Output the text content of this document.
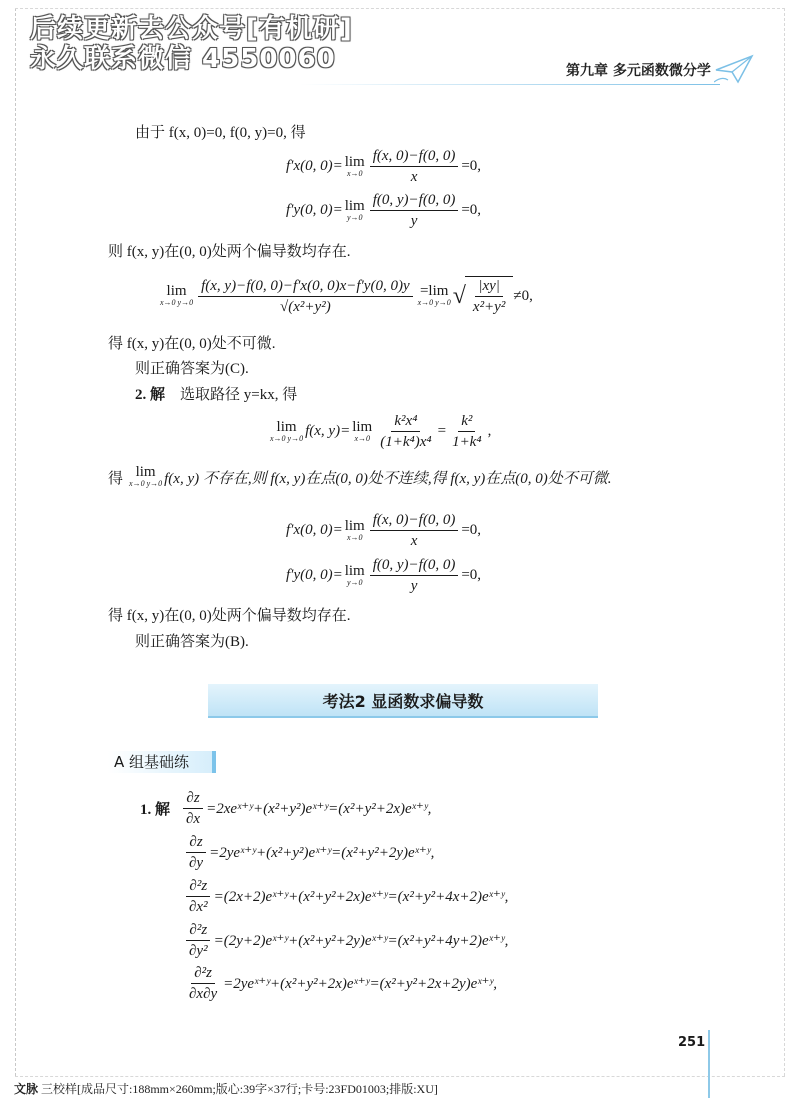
后续更新去公众号[有机研]
永久联系微信 4550060	第九章 多元函数微分学
由于 f(x, 0)=0, f(0, y)=0, 得
f′x(0, 0)= lim
$x\to 0 \frac{f(x, 0)-f(0, 0)}{x} =0$,
f′y(0, 0)= lim
$y\to 0 \frac{f(0, y)-f(0, 0)}{y} =0$,
则 f(x, y)在(0, 0)处两个偏导数均存在.
lim
x→0 $y\to 0 \frac{f(x, y)-f(0, 0)-f'x(0, 0)x-f'y(0, 0)y}{\text{√(x²+y²)}} =\lim$
x→0 y→0 √ $\frac{|xy|}{\text{x²+y²}} \ne 0$,
得 f(x, y)在(0, 0)处不可微.
则正确答案为(C).
2. 解 选取路径 y=kx, 得
lim
x→0 y→0 f(x, y)= lim
$x\to 0 \frac{\text{k²x⁴}}{\text{(1+k⁴)x⁴}} = \frac{\text{k²}}{\text{1+k⁴}}$ ,
得 lim
x→0 y→0 f(x, y) 不存在,则 f(x, y)在点(0, 0)处不连续,得 f(x, y)在点(0, 0)处不可微.
f′x(0, 0)= lim
$x\to 0 \frac{f(x, 0)-f(0, 0)}{x} =0$,
f′y(0, 0)= lim
$y\to 0 \frac{f(0, y)-f(0, 0)}{y} =0$,
得 f(x, y)在(0, 0)处两个偏导数均存在.
则正确答案为(B).
考法2 显函数求偏导数
A 组基础练
1. 解 $\frac{\partial z}{\partial x}$ =2xeˣ⁺ʸ+(x²+y²)eˣ⁺ʸ=(x²+y²+2x)eˣ⁺ʸ,
$\frac{\partial z}{\partial y}$ =2yeˣ⁺ʸ+(x²+y²)eˣ⁺ʸ=(x²+y²+2y)eˣ⁺ʸ,
$\frac{\text{∂²z}}{\text{∂x²}}$ =(2x+2)eˣ⁺ʸ+(x²+y²+2x)eˣ⁺ʸ=(x²+y²+4x+2)eˣ⁺ʸ,
$\frac{\text{∂²z}}{\text{∂y²}}$ =(2y+2)eˣ⁺ʸ+(x²+y²+2y)eˣ⁺ʸ=(x²+y²+4y+2)eˣ⁺ʸ,
$\frac{\text{∂²z}}{\partial x\partial y}$ =2yeˣ⁺ʸ+(x²+y²+2x)eˣ⁺ʸ=(x²+y²+2x+2y)eˣ⁺ʸ,
251
文脉 三校样[成品尺寸:188mm×260mm;版心:39字×37行;卡号:23FD01003;排版:XU]
